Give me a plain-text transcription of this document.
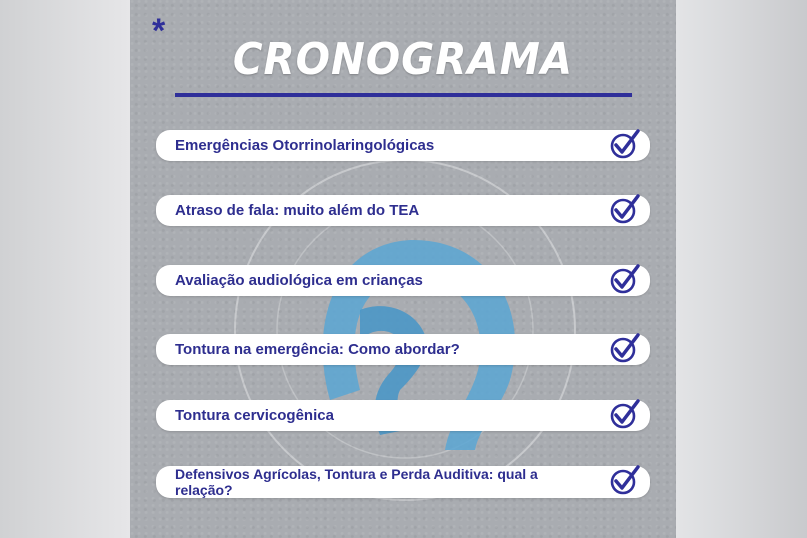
*
CRONOGRAMA
Emergências Otorrinolaringológicas
Atraso de fala: muito além do TEA
Avaliação audiológica em crianças
Tontura na emergência: Como abordar?
Tontura cervicogênica
Defensivos Agrícolas, Tontura e Perda Auditiva: qual a relação?
